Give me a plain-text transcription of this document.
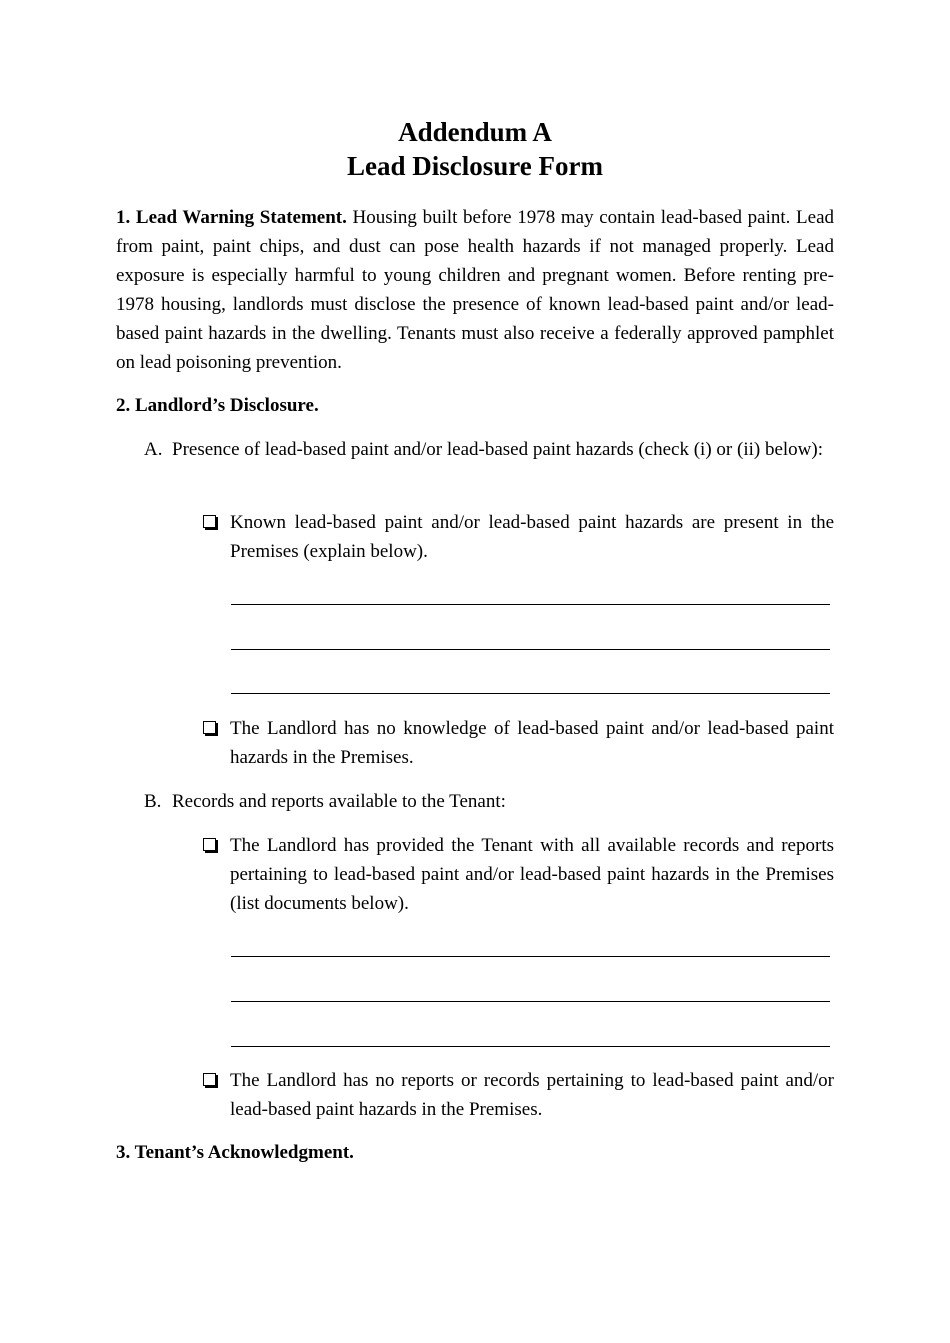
Addendum A
Lead Disclosure Form
1. Lead Warning Statement. Housing built before 1978 may contain lead-based paint. Lead from paint, paint chips, and dust can pose health hazards if not managed properly. Lead exposure is especially harmful to young children and pregnant women. Before renting pre-1978 housing, landlords must disclose the presence of known lead-based paint and/or lead-based paint hazards in the dwelling. Tenants must also receive a federally approved pamphlet on lead poisoning prevention.
2. Landlord’s Disclosure.
A. Presence of lead-based paint and/or lead-based paint hazards (check (i) or (ii) below):
Known lead-based paint and/or lead-based paint hazards are present in the Premises (explain below).
The Landlord has no knowledge of lead-based paint and/or lead-based paint hazards in the Premises.
B. Records and reports available to the Tenant:
The Landlord has provided the Tenant with all available records and reports pertaining to lead-based paint and/or lead-based paint hazards in the Premises (list documents below).
The Landlord has no reports or records pertaining to lead-based paint and/or lead-based paint hazards in the Premises.
3. Tenant’s Acknowledgment.
